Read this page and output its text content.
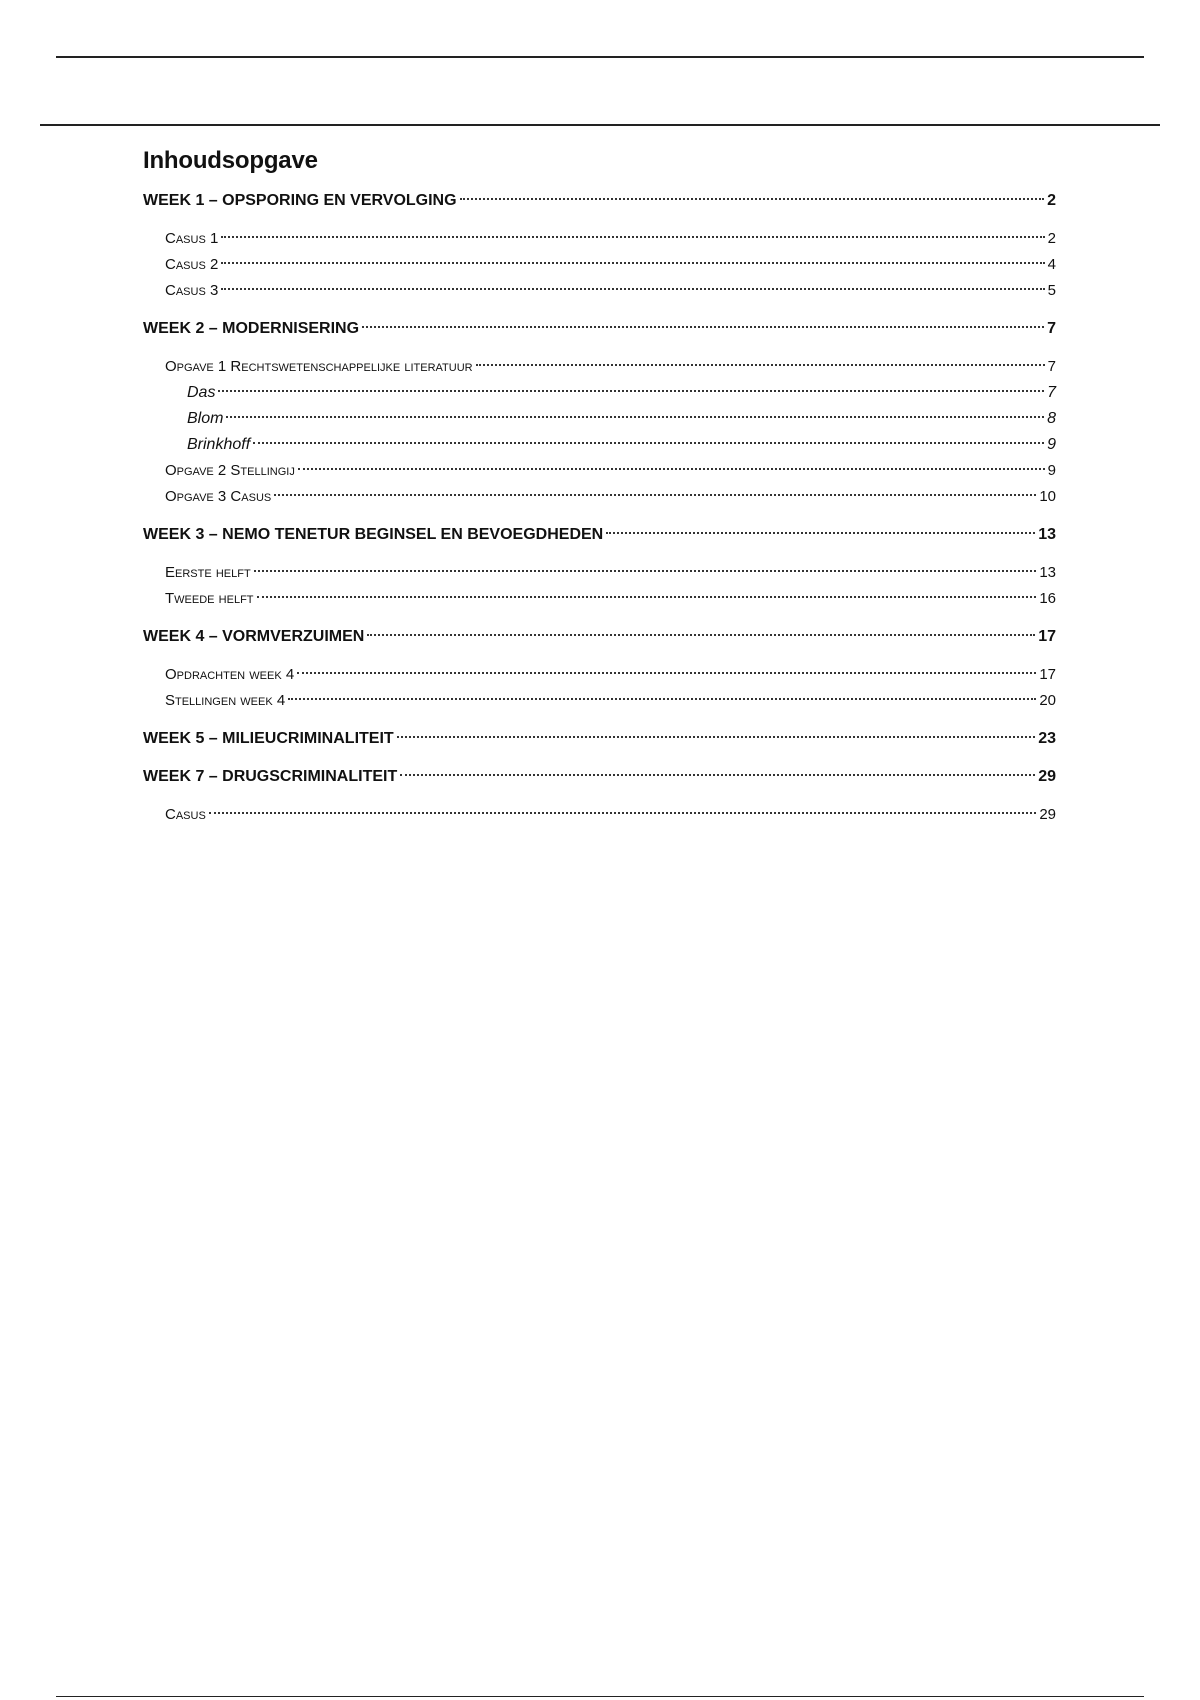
Inhoudsopgave
WEEK 1 – OPSPORING EN VERVOLGING	2
Casus 1	2
Casus 2	4
Casus 3	5
WEEK 2 – MODERNISERING	7
Opgave 1 Rechtswetenschappelijke literatuur	7
Das	7
Blom	8
Brinkhoff	9
Opgave 2 Stellingij	9
Opgave 3 Casus	10
WEEK 3 – NEMO TENETUR BEGINSEL EN BEVOEGDHEDEN	13
Eerste helft	13
Tweede helft	16
WEEK 4 – VORMVERZUIMEN	17
Opdrachten week 4	17
Stellingen week 4	20
WEEK 5 – MILIEUCRIMINALITEIT	23
WEEK 7 – DRUGSCRIMINALITEIT	29
Casus	29
